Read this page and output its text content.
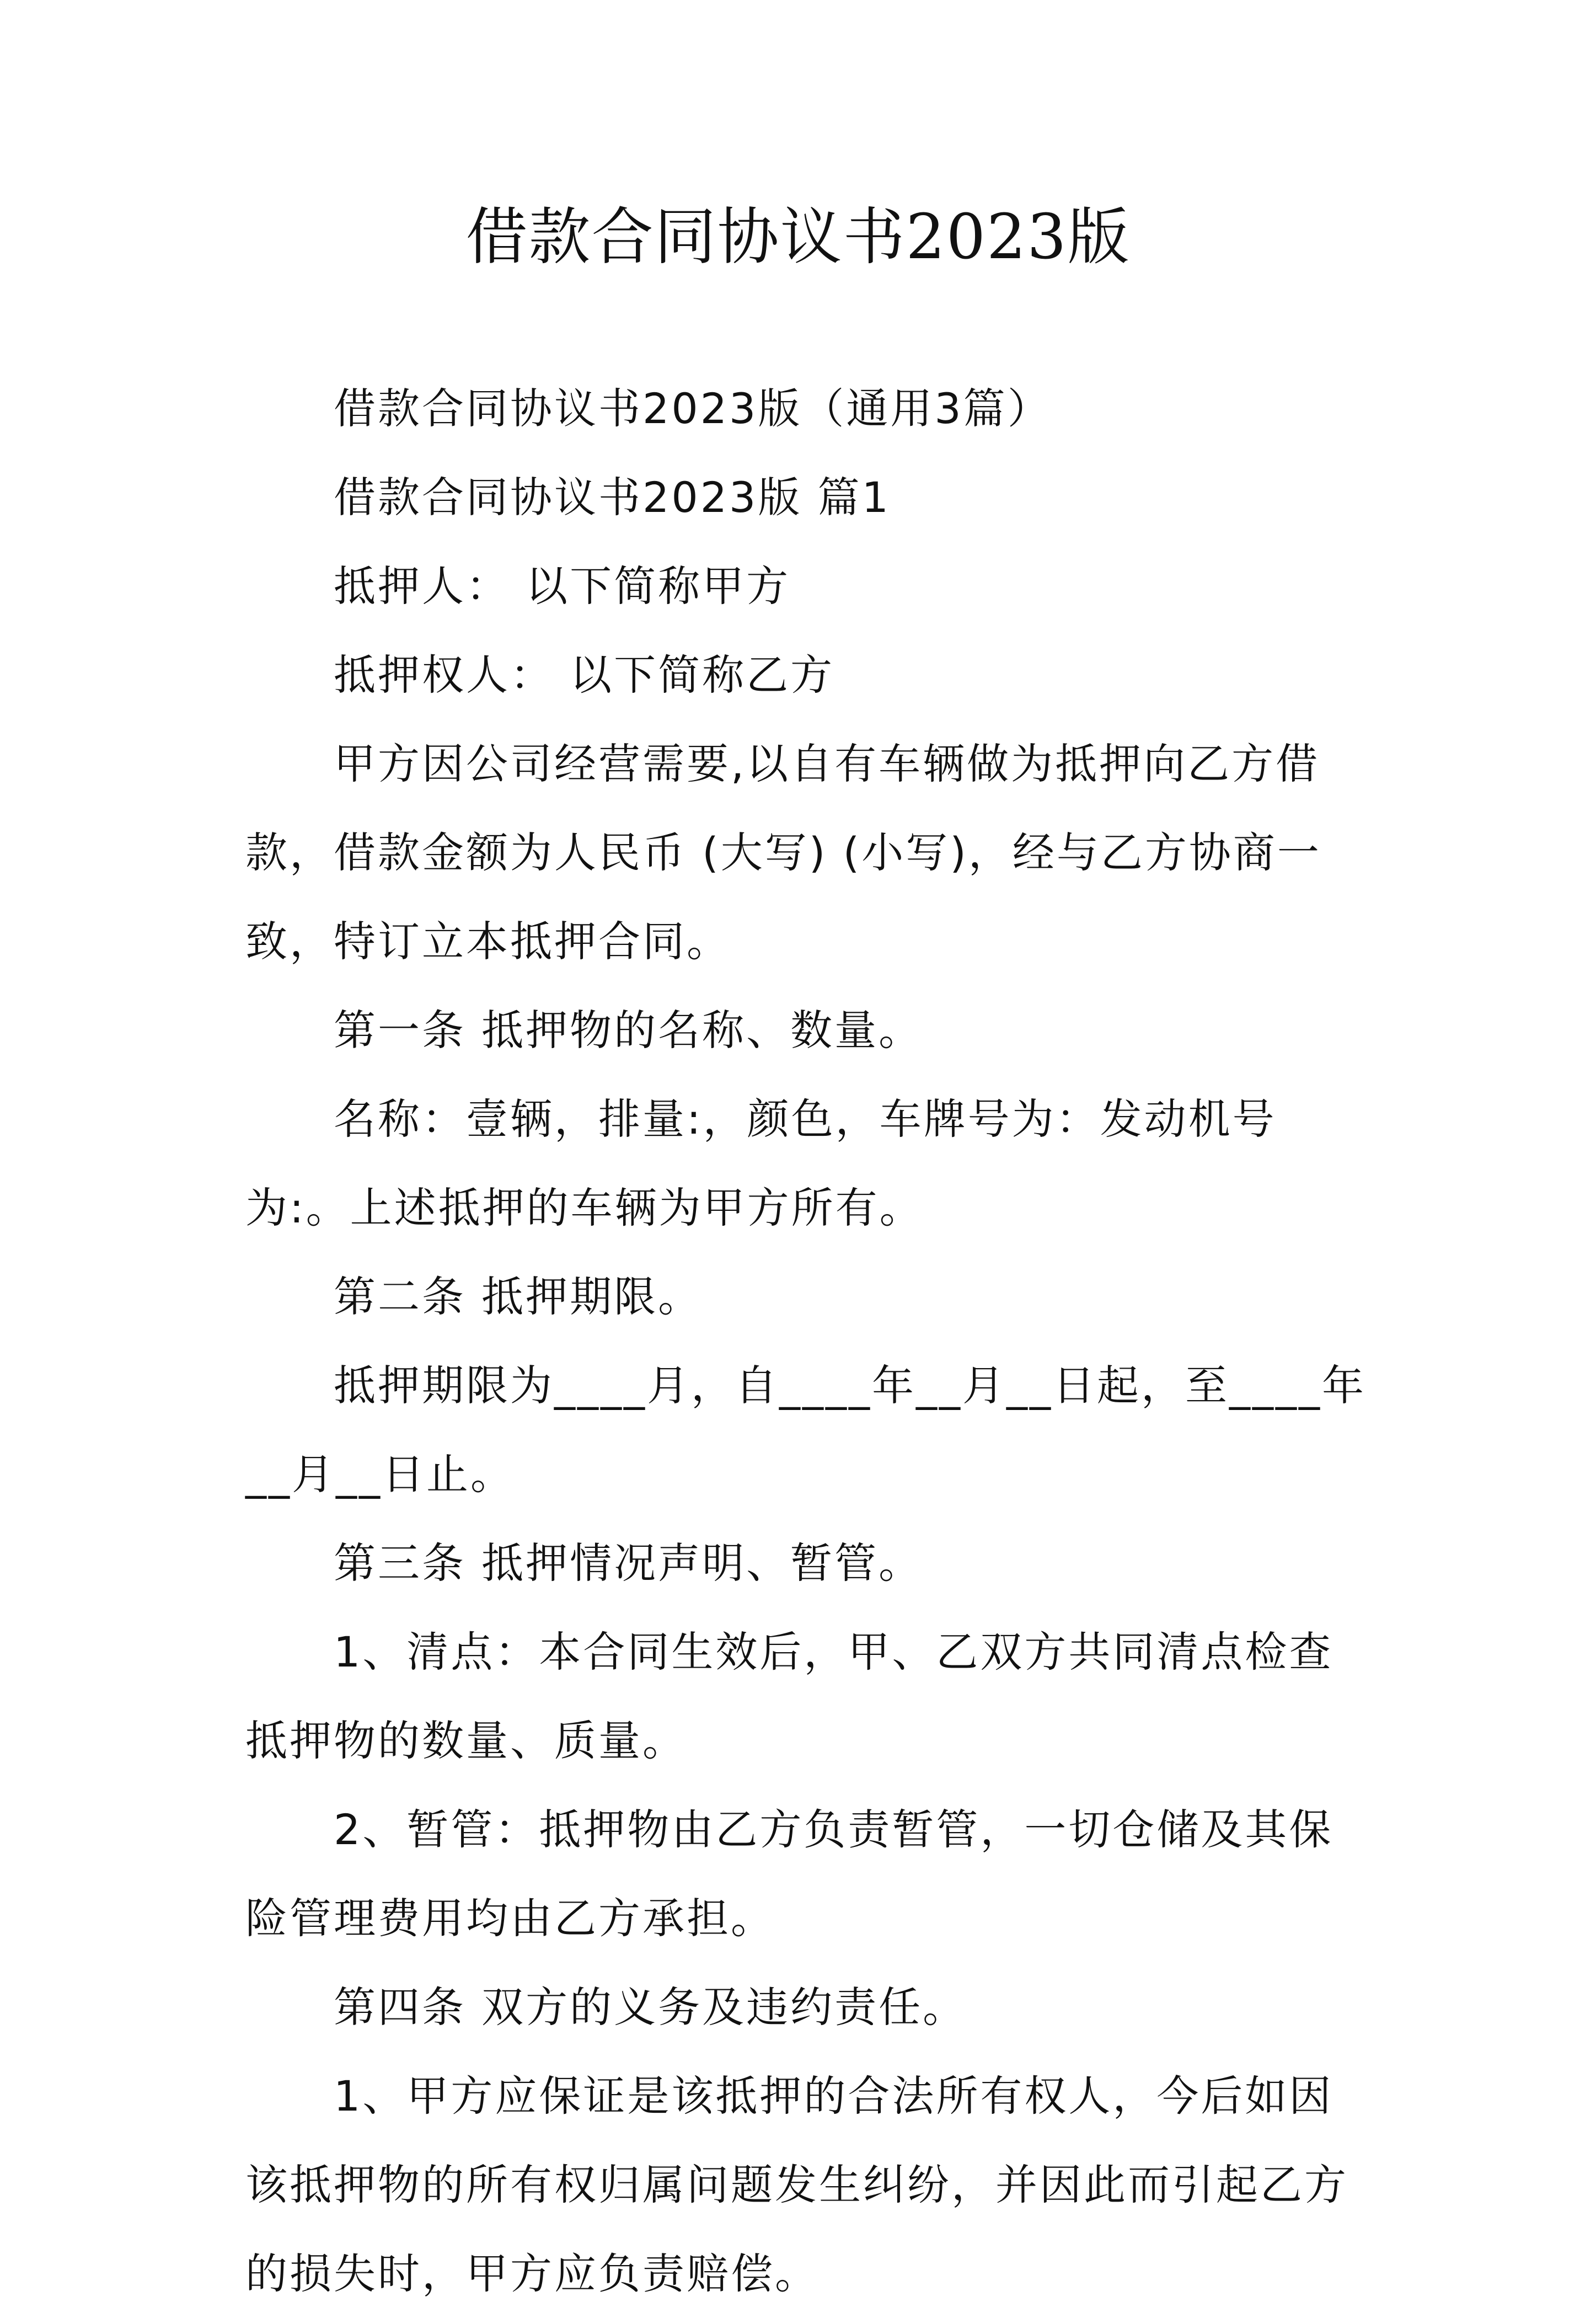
借款合同协议书2023版

借款合同协议书2023版（通用3篇）

借款合同协议书2023版 篇1

抵押人： 以下简称甲方

抵押权人： 以下简称乙方

甲方因公司经营需要,以自有车辆做为抵押向乙方借款，借款金额为人民币 (大写) (小写)，经与乙方协商一致，特订立本抵押合同。

第一条 抵押物的名称、数量。

名称：壹辆，排量:，颜色，车牌号为：发动机号为:。上述抵押的车辆为甲方所有。

第二条 抵押期限。

抵押期限为____月，自____年__月__日起，至____年__月__日止。

第三条 抵押情况声明、暂管。

1、清点：本合同生效后，甲、乙双方共同清点检查抵押物的数量、质量。

2、暂管：抵押物由乙方负责暂管，一切仓储及其保险管理费用均由乙方承担。

第四条 双方的义务及违约责任。

1、甲方应保证是该抵押的合法所有权人，今后如因该抵押物的所有权归属问题发生纠纷，并因此而引起乙方的损失时，甲方应负责赔偿。
